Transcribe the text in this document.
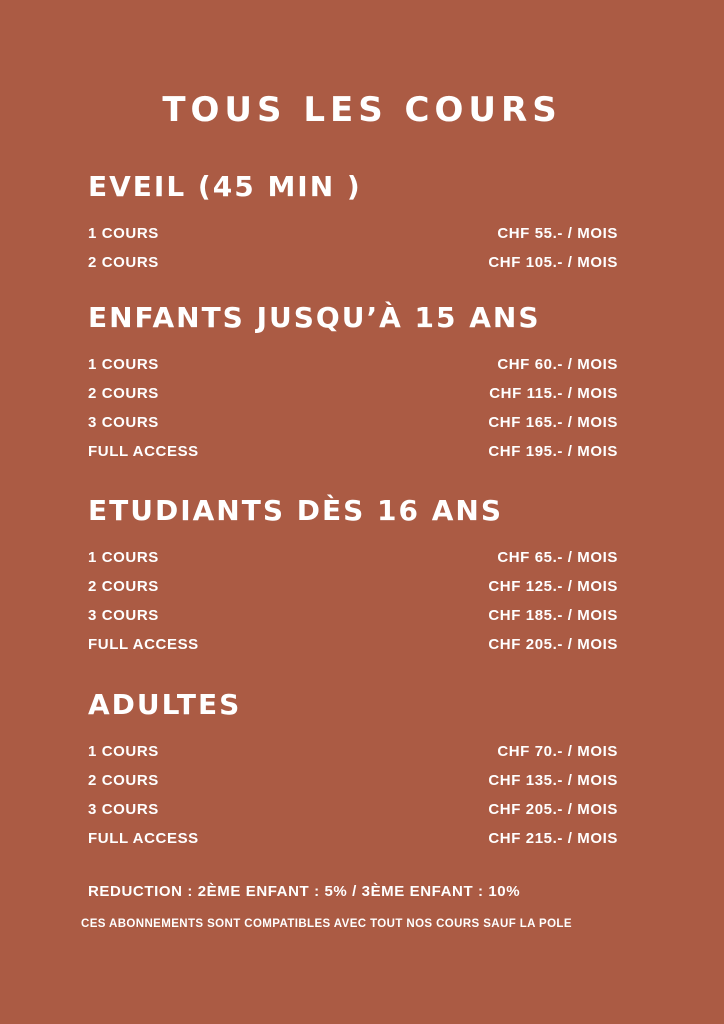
TOUS LES COURS
EVEIL (45 MIN )
1 COURS	CHF 55.- / MOIS
2 COURS	CHF 105.- / MOIS
ENFANTS JUSQU’À 15 ANS
1 COURS	CHF 60.- / MOIS
2 COURS	CHF 115.- / MOIS
3 COURS	CHF 165.- / MOIS
FULL ACCESS	CHF 195.- / MOIS
ETUDIANTS DÈS 16 ANS
1 COURS	CHF 65.- / MOIS
2 COURS	CHF 125.- / MOIS
3 COURS	CHF 185.- / MOIS
FULL ACCESS	CHF 205.- / MOIS
ADULTES
1 COURS	CHF 70.- / MOIS
2 COURS	CHF 135.- / MOIS
3 COURS	CHF 205.- / MOIS
FULL ACCESS	CHF 215.- / MOIS
REDUCTION : 2ÈME ENFANT : 5% / 3ÈME ENFANT : 10%
CES ABONNEMENTS SONT COMPATIBLES AVEC TOUT NOS COURS SAUF LA POLE
